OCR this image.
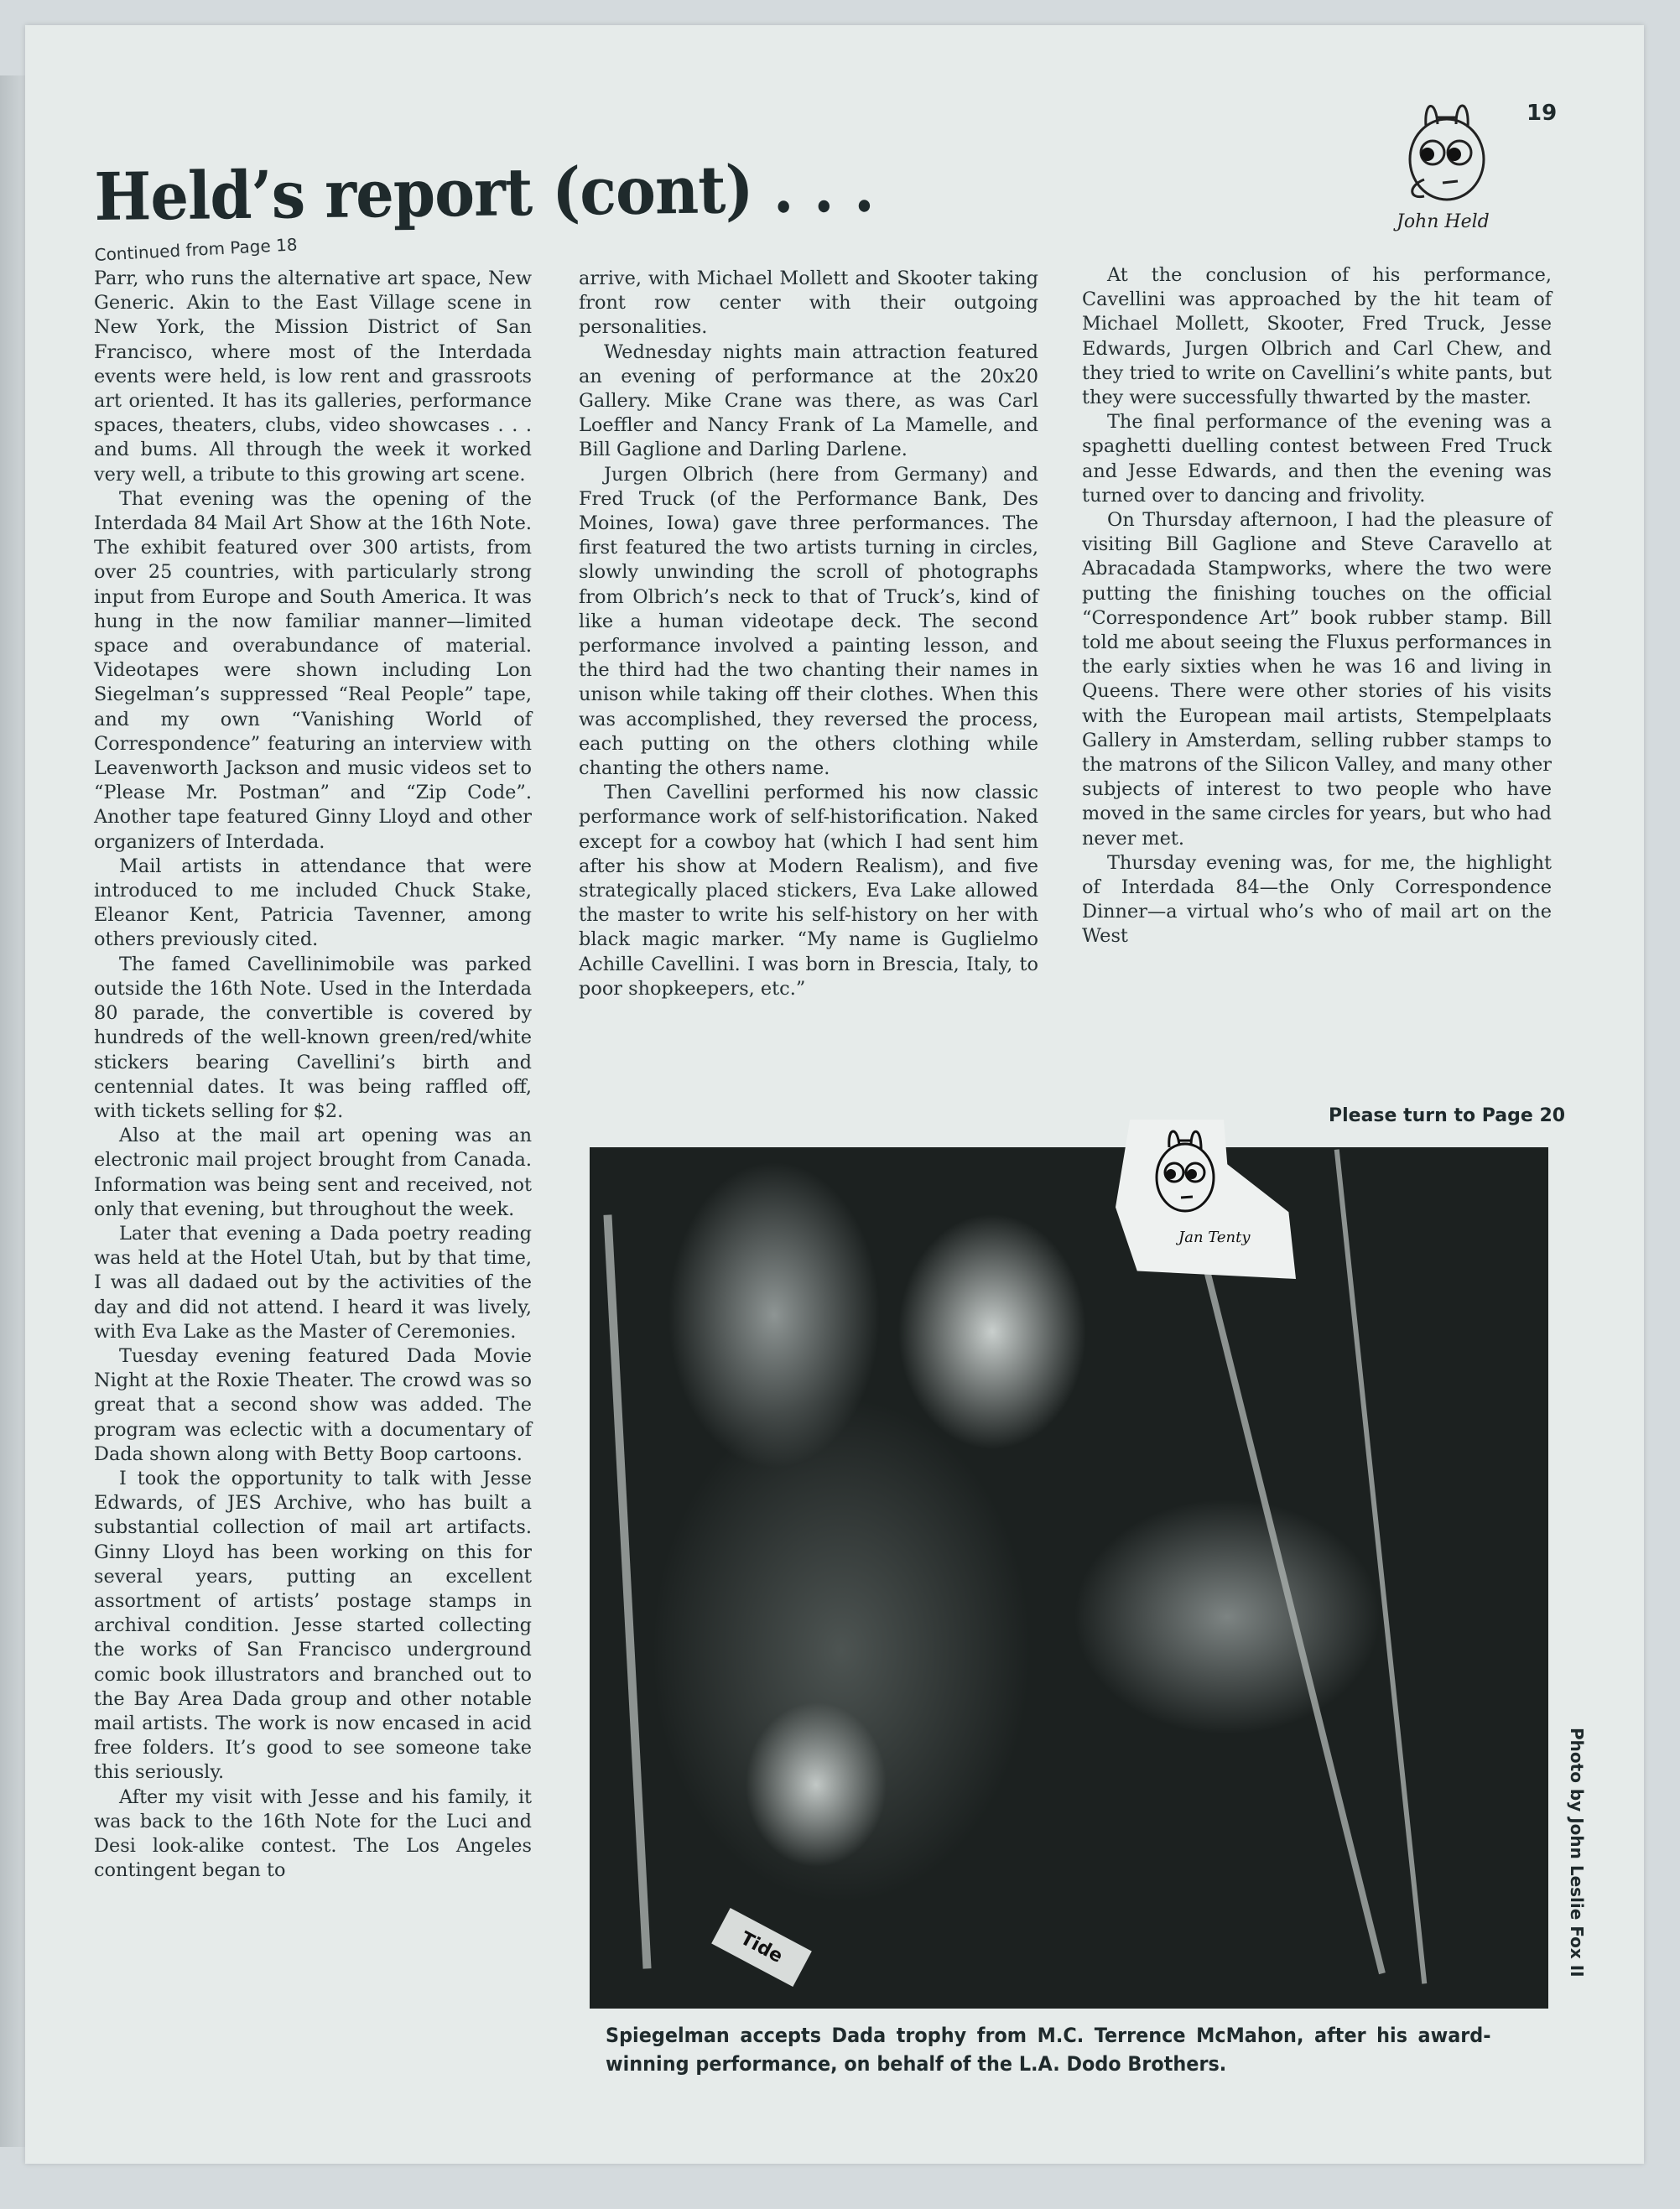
Held’s report (cont) . . .	John Held
19
Continued from Page 18

Parr, who runs the alternative art space, New Generic. Akin to the East Village scene in New York, the Mission District of San Francisco, where most of the Interdada events were held, is low rent and grassroots art oriented. It has its galleries, performance spaces, theaters, clubs, video showcases . . . and bums. All through the week it worked very well, a tribute to this growing art scene.

That evening was the opening of the Interdada 84 Mail Art Show at the 16th Note. The exhibit featured over 300 artists, from over 25 countries, with particularly strong input from Europe and South America. It was hung in the now familiar manner—limited space and overabundance of material. Videotapes were shown including Lon Siegelman’s suppressed “Real People” tape, and my own “Vanishing World of Correspondence” featuring an interview with Leavenworth Jackson and music videos set to “Please Mr. Postman” and “Zip Code”. Another tape featured Ginny Lloyd and other organizers of Interdada.

Mail artists in attendance that were introduced to me included Chuck Stake, Eleanor Kent, Patricia Tavenner, among others previously cited.

The famed Cavellinimobile was parked outside the 16th Note. Used in the Interdada 80 parade, the convertible is covered by hundreds of the well-known green/red/white stickers bearing Cavellini’s birth and centennial dates. It was being raffled off, with tickets selling for $2.

Also at the mail art opening was an electronic mail project brought from Canada. Information was being sent and received, not only that evening, but throughout the week.

Later that evening a Dada poetry reading was held at the Hotel Utah, but by that time, I was all dadaed out by the activities of the day and did not attend. I heard it was lively, with Eva Lake as the Master of Ceremonies.

Tuesday evening featured Dada Movie Night at the Roxie Theater. The crowd was so great that a second show was added. The program was eclectic with a documentary of Dada shown along with Betty Boop cartoons.

I took the opportunity to talk with Jesse Edwards, of JES Archive, who has built a substantial collection of mail art artifacts. Ginny Lloyd has been working on this for several years, putting an excellent assortment of artists’ postage stamps in archival condition. Jesse started collecting the works of San Francisco underground comic book illustrators and branched out to the Bay Area Dada group and other notable mail artists. The work is now encased in acid free folders. It’s good to see someone take this seriously.

After my visit with Jesse and his family, it was back to the 16th Note for the Luci and Desi look-alike contest. The Los Angeles contingent began to

arrive, with Michael Mollett and Skooter taking front row center with their outgoing personalities.

Wednesday nights main attraction featured an evening of performance at the 20x20 Gallery. Mike Crane was there, as was Carl Loeffler and Nancy Frank of La Mamelle, and Bill Gaglione and Darling Darlene.

Jurgen Olbrich (here from Germany) and Fred Truck (of the Performance Bank, Des Moines, Iowa) gave three performances. The first featured the two artists turning in circles, slowly unwinding the scroll of photographs from Olbrich’s neck to that of Truck’s, kind of like a human videotape deck. The second performance involved a painting lesson, and the third had the two chanting their names in unison while taking off their clothes. When this was accomplished, they reversed the process, each putting on the others clothing while chanting the others name.

Then Cavellini performed his now classic performance work of self-historification. Naked except for a cowboy hat (which I had sent him after his show at Modern Realism), and five strategically placed stickers, Eva Lake allowed the master to write his self-history on her with black magic marker. “My name is Guglielmo Achille Cavellini. I was born in Brescia, Italy, to poor shopkeepers, etc.”

At the conclusion of his performance, Cavellini was approached by the hit team of Michael Mollett, Skooter, Fred Truck, Jesse Edwards, Jurgen Olbrich and Carl Chew, and they tried to write on Cavellini’s white pants, but they were successfully thwarted by the master.

The final performance of the evening was a spaghetti duelling contest between Fred Truck and Jesse Edwards, and then the evening was turned over to dancing and frivolity.

On Thursday afternoon, I had the pleasure of visiting Bill Gaglione and Steve Caravello at Abracadada Stampworks, where the two were putting the finishing touches on the official “Correspondence Art” book rubber stamp. Bill told me about seeing the Fluxus performances in the early sixties when he was 16 and living in Queens. There were other stories of his visits with the European mail artists, Stempelplaats Gallery in Amsterdam, selling rubber stamps to the matrons of the Silicon Valley, and many other subjects of interest to two people who have moved in the same circles for years, but who had never met.

Thursday evening was, for me, the highlight of Interdada 84—the Only Correspondence Dinner—a virtual who’s who of mail art on the West

Please turn to Page 20
Tide
Jan Tenty
Photo by John Leslie Fox II
Spiegelman accepts Dada trophy from M.C. Terrence McMahon, after his award-winning performance, on behalf of the L.A. Dodo Brothers.
